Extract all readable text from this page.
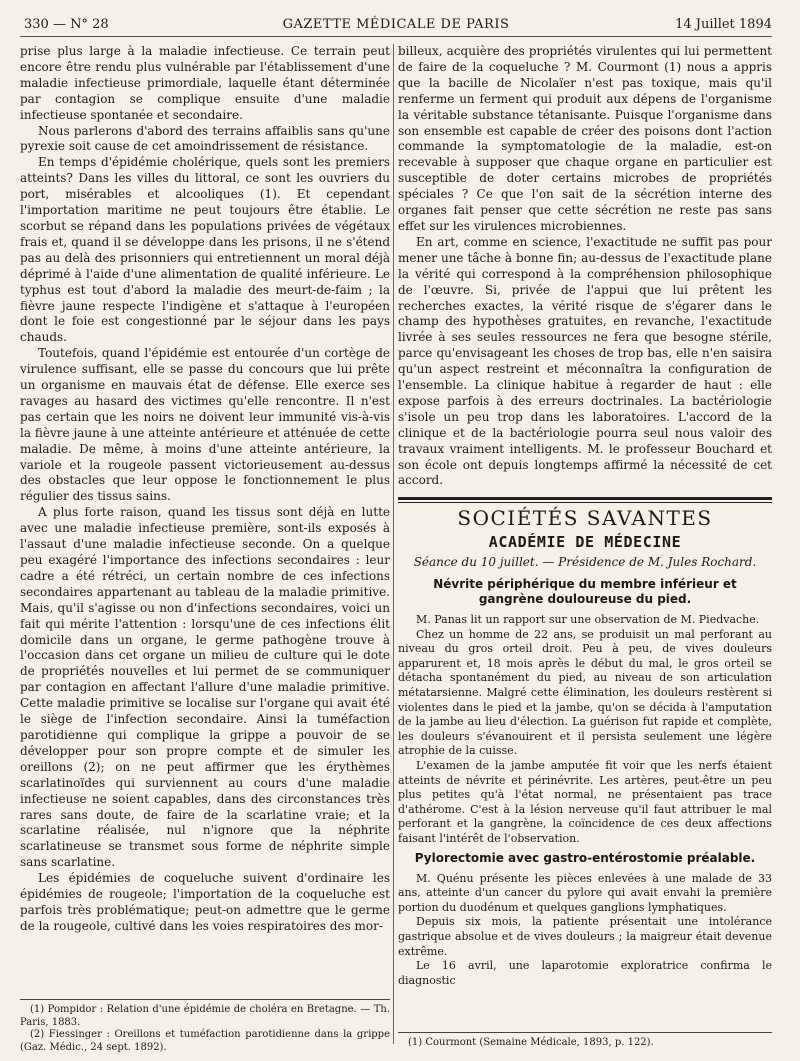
330 — N° 28	GAZETTE MÉDICALE DE PARIS	14 Juillet 1894

prise plus large à la maladie infectieuse. Ce terrain peut encore être rendu plus vulnérable par l'établissement d'une maladie infectieuse primordiale, laquelle étant déterminée par contagion se complique ensuite d'une maladie infectieuse spontanée et secondaire.

Nous parlerons d'abord des terrains affaiblis sans qu'une pyrexie soit cause de cet amoindrissement de résistance.

En temps d'épidémie cholérique, quels sont les premiers atteints? Dans les villes du littoral, ce sont les ouvriers du port, misérables et alcooliques (1). Et cependant l'importation maritime ne peut toujours être établie. Le scorbut se répand dans les populations privées de végétaux frais et, quand il se développe dans les prisons, il ne s'étend pas au delà des prisonniers qui entretiennent un moral déjà déprimé à l'aide d'une alimentation de qualité inférieure. Le typhus est tout d'abord la maladie des meurt-de-faim ; la fièvre jaune respecte l'indigène et s'attaque à l'européen dont le foie est congestionné par le séjour dans les pays chauds.

Toutefois, quand l'épidémie est entourée d'un cortège de virulence suffisant, elle se passe du concours que lui prête un organisme en mauvais état de défense. Elle exerce ses ravages au hasard des victimes qu'elle rencontre. Il n'est pas certain que les noirs ne doivent leur immunité vis-à-vis la fièvre jaune à une atteinte antérieure et atténuée de cette maladie. De même, à moins d'une atteinte antérieure, la variole et la rougeole passent victorieusement au-dessus des obstacles que leur oppose le fonctionnement le plus régulier des tissus sains.

A plus forte raison, quand les tissus sont déjà en lutte avec une maladie infectieuse première, sont-ils exposés à l'assaut d'une maladie infectieuse seconde. On a quelque peu exagéré l'importance des infections secondaires : leur cadre a été rétréci, un certain nombre de ces infections secondaires appartenant au tableau de la maladie primitive. Mais, qu'il s'agisse ou non d'infections secondaires, voici un fait qui mérite l'attention : lorsqu'une de ces infections élit domicile dans un organe, le germe pathogène trouve à l'occasion dans cet organe un milieu de culture qui le dote de propriétés nouvelles et lui permet de se communiquer par contagion en affectant l'allure d'une maladie primitive. Cette maladie primitive se localise sur l'organe qui avait été le siège de l'infection secondaire. Ainsi la tuméfaction parotidienne qui complique la grippe a pouvoir de se développer pour son propre compte et de simuler les oreillons (2); on ne peut affirmer que les érythèmes scarlatinoïdes qui surviennent au cours d'une maladie infectieuse ne soient capables, dans des circonstances très rares sans doute, de faire de la scarlatine vraie; et la scarlatine réalisée, nul n'ignore que la néphrite scarlatineuse se transmet sous forme de néphrite simple sans scarlatine.

Les épidémies de coqueluche suivent d'ordinaire les épidémies de rougeole; l'importation de la coqueluche est parfois très problématique; peut-on admettre que le germe de la rougeole, cultivé dans les voies respiratoires des mor-

(1) Pompidor : Relation d'une épidémie de choléra en Bretagne. — Th. Paris, 1883.

(2) Fiessinger : Oreillons et tuméfaction parotidienne dans la grippe (Gaz. Médic., 24 sept. 1892).

billeux, acquière des propriétés virulentes qui lui permettent de faire de la coqueluche ? M. Courmont (1) nous a appris que la bacille de Nicolaïer n'est pas toxique, mais qu'il renferme un ferment qui produit aux dépens de l'organisme la véritable substance tétanisante. Puisque l'organisme dans son ensemble est capable de créer des poisons dont l'action commande la symptomatologie de la maladie, est-on recevable à supposer que chaque organe en particulier est susceptible de doter certains microbes de propriétés spéciales ? Ce que l'on sait de la sécrétion interne des organes fait penser que cette sécrétion ne reste pas sans effet sur les virulences microbiennes.

En art, comme en science, l'exactitude ne suffit pas pour mener une tâche à bonne fin; au-dessus de l'exactitude plane la vérité qui correspond à la compréhension philosophique de l'œuvre. Si, privée de l'appui que lui prêtent les recherches exactes, la vérité risque de s'égarer dans le champ des hypothèses gratuites, en revanche, l'exactitude livrée à ses seules ressources ne fera que besogne stérile, parce qu'envisageant les choses de trop bas, elle n'en saisira qu'un aspect restreint et méconnaîtra la configuration de l'ensemble. La clinique habitue à regarder de haut : elle expose parfois à des erreurs doctrinales. La bactériologie s'isole un peu trop dans les laboratoires. L'accord de la clinique et de la bactériologie pourra seul nous valoir des travaux vraiment intelligents. M. le professeur Bouchard et son école ont depuis longtemps affirmé la nécessité de cet accord.

SOCIÉTÉS SAVANTES
ACADÉMIE DE MÉDECINE
Séance du 10 juillet. — Présidence de M. Jules Rochard.
Névrite périphérique du membre inférieur et gangrène douloureuse du pied.

M. Panas lit un rapport sur une observation de M. Piedvache.

Chez un homme de 22 ans, se produisit un mal perforant au niveau du gros orteil droit. Peu à peu, de vives douleurs apparurent et, 18 mois après le début du mal, le gros orteil se détacha spontanément du pied, au niveau de son articulation métatarsienne. Malgré cette élimination, les douleurs restèrent si violentes dans le pied et la jambe, qu'on se décida à l'amputation de la jambe au lieu d'élection. La guérison fut rapide et complète, les douleurs s'évanouirent et il persista seulement une légère atrophie de la cuisse.

L'examen de la jambe amputée fit voir que les nerfs étaient atteints de névrite et périnévrite. Les artères, peut-être un peu plus petites qu'à l'état normal, ne présentaient pas trace d'athérome. C'est à la lésion nerveuse qu'il faut attribuer le mal perforant et la gangrène, la coïncidence de ces deux affections faisant l'intérêt de l'observation.

Pylorectomie avec gastro-entérostomie préalable.

M. Quénu présente les pièces enlevées à une malade de 33 ans, atteinte d'un cancer du pylore qui avait envahi la première portion du duodénum et quelques ganglions lymphatiques.

Depuis six mois, la patiente présentait une intolérance gastrique absolue et de vives douleurs ; la maigreur était devenue extrême.

Le 16 avril, une laparotomie exploratrice confirma le diagnostic

(1) Courmont (Semaine Médicale, 1893, p. 122).
